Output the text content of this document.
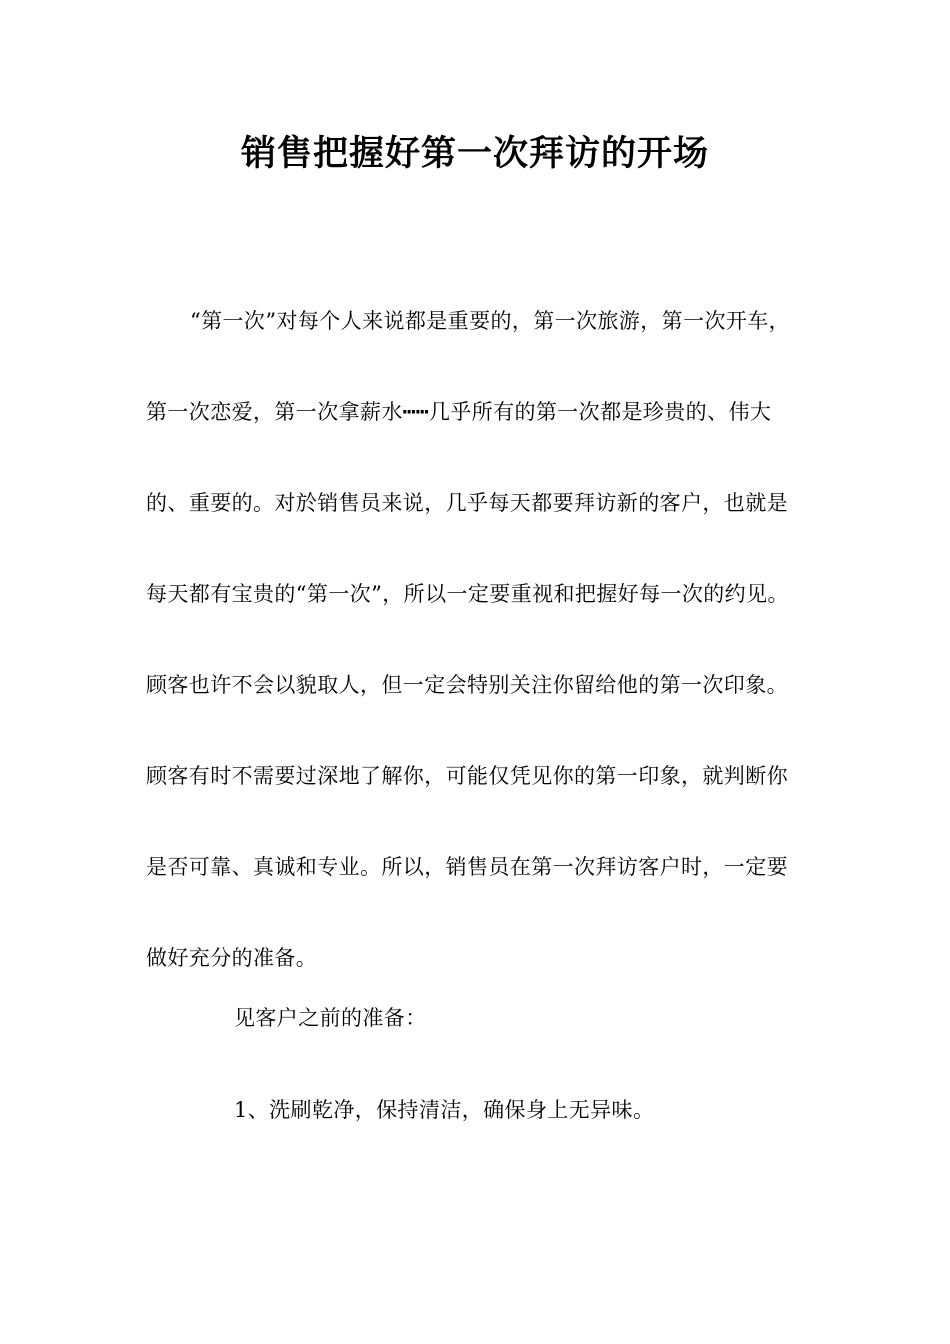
销售把握好第一次拜访的开场

“第一次”对每个人来说都是重要的，第一次旅游，第一次开车，第一次恋爱，第一次拿薪水┅┅几乎所有的第一次都是珍贵的、伟大的、重要的。对於销售员来说，几乎每天都要拜访新的客户，也就是每天都有宝贵的“第一次”，所以一定要重视和把握好每一次的约见。顾客也许不会以貌取人，但一定会特别关注你留给他的第一次印象。顾客有时不需要过深地了解你，可能仅凭见你的第一印象，就判断你是否可靠、真诚和专业。所以，销售员在第一次拜访客户时，一定要做好充分的准备。

见客户之前的准备：

1、洗刷乾净，保持清洁，确保身上无异味。
